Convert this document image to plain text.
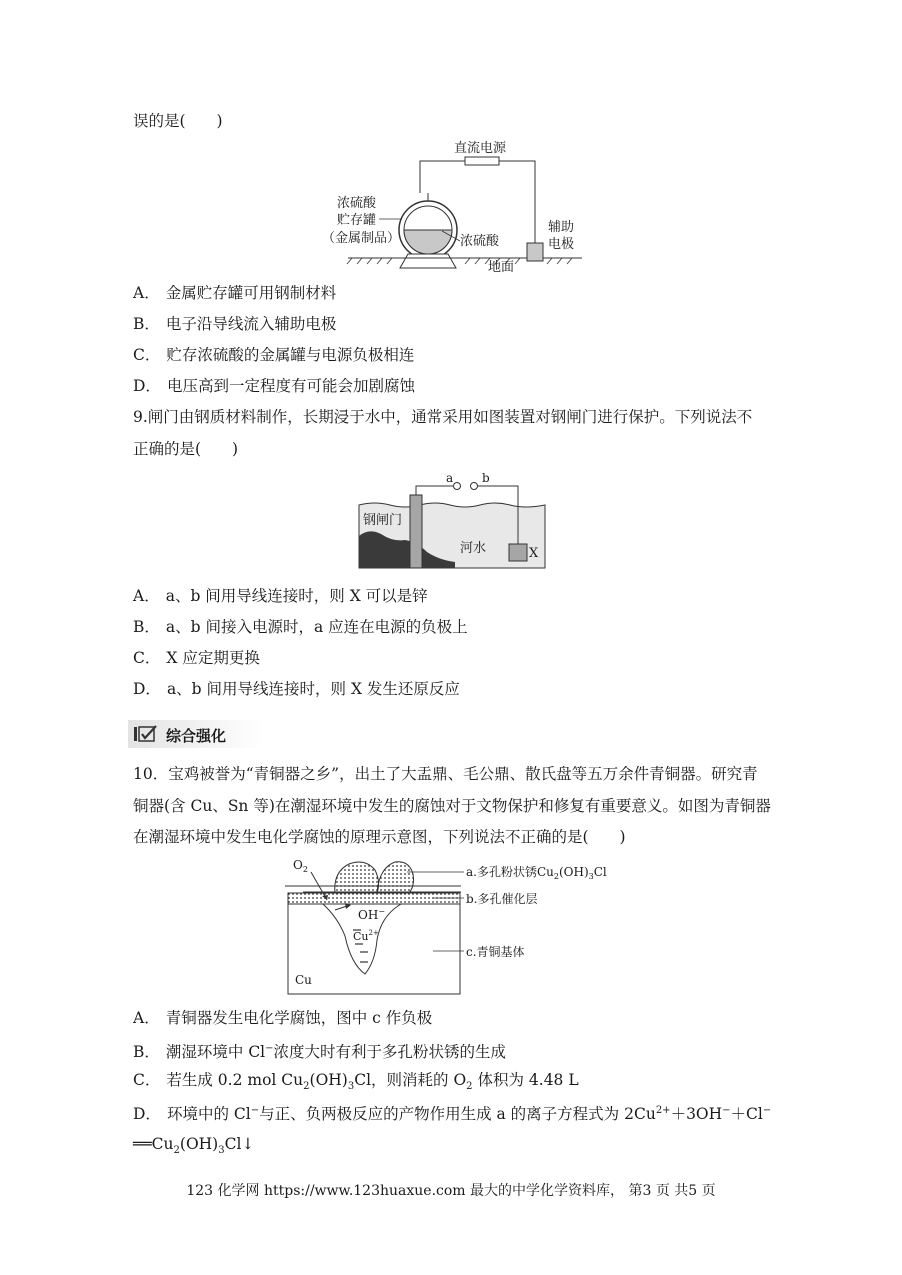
误的是(　　)
直流电源
浓硫酸
贮存罐
（金属制品）	浓硫酸
辅助
电极
地面
A． 金属贮存罐可用钢制材料
B． 电子沿导线流入辅助电极
C． 贮存浓硫酸的金属罐与电源负极相连
D． 电压高到一定程度有可能会加剧腐蚀
9.闸门由钢质材料制作，长期浸于水中，通常采用如图装置对钢闸门进行保护。下列说法不
正确的是(　　)
a b
钢闸门
河水	X
A． a、b 间用导线连接时，则 X 可以是锌
B． a、b 间接入电源时，a 应连在电源的负极上
C． X 应定期更换
D． a、b 间用导线连接时，则 X 发生还原反应
综合强化
10．宝鸡被誉为“青铜器之乡”，出土了大盂鼎、毛公鼎、散氏盘等五万余件青铜器。研究青
铜器(含 Cu、Sn 等)在潮湿环境中发生的腐蚀对于文物保护和修复有重要意义。如图为青铜器
在潮湿环境中发生电化学腐蚀的原理示意图，下列说法不正确的是(　　)
$O_2$
OH−
$Cu^{2+}$
Cu
a.多孔粉状锈$Cu_2(OH)_3Cl$
b.多孔催化层
c.青铜基体
A． 青铜器发生电化学腐蚀，图中 c 作负极
B． 潮湿环境中 Cl−浓度大时有利于多孔粉状锈的生成
C． 若生成 0.2 mol $Cu_2(OH)_3Cl$，则消耗的 $O_2$ 体积为 4.48 L
D． 环境中的 Cl−与正、负两极反应的产物作用生成 a 的离子方程式为 $2Cu^{2+}+3OH^-+Cl^-$
$══Cu_2(OH)_3Cl↓$
123 化学网 https://www.123huaxue.com 最大的中学化学资料库， 第3 页 共5 页
